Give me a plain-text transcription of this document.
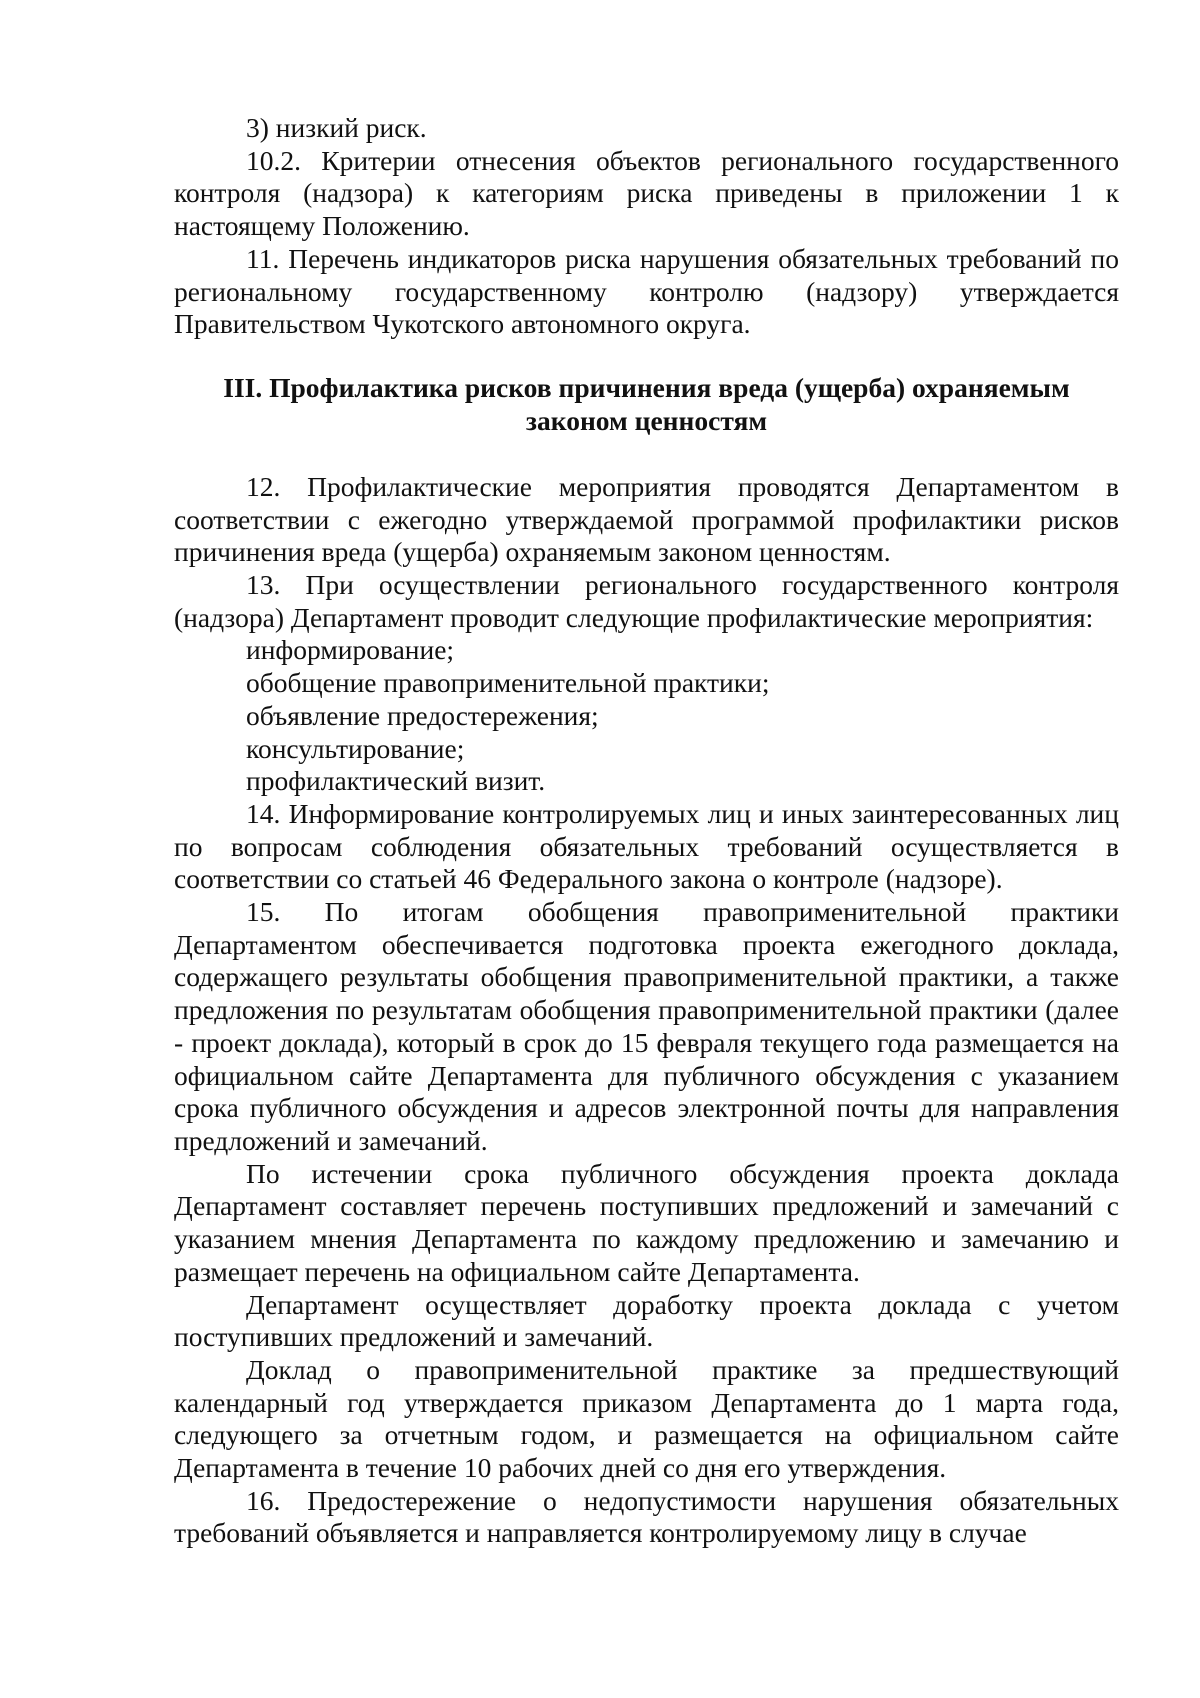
3) низкий риск.

10.2. Критерии отнесения объектов регионального государственного контроля (надзора) к категориям риска приведены в приложении 1 к настоящему Положению.

11. Перечень индикаторов риска нарушения обязательных требований по региональному государственному контролю (надзору) утверждается Правительством Чукотского автономного округа.

III. Профилактика рисков причинения вреда (ущерба) охраняемым
законом ценностям

12. Профилактические мероприятия проводятся Департаментом в соответствии с ежегодно утверждаемой программой профилактики рисков причинения вреда (ущерба) охраняемым законом ценностям.

13. При осуществлении регионального государственного контроля (надзора) Департамент проводит следующие профилактические мероприятия:

информирование;

обобщение правоприменительной практики;

объявление предостережения;

консультирование;

профилактический визит.

14. Информирование контролируемых лиц и иных заинтересованных лиц по вопросам соблюдения обязательных требований осуществляется в соответствии со статьей 46 Федерального закона о контроле (надзоре).

15. По итогам обобщения правоприменительной практики Департаментом обеспечивается подготовка проекта ежегодного доклада, содержащего результаты обобщения правоприменительной практики, а также предложения по результатам обобщения правоприменительной практики (далее - проект доклада), который в срок до 15 февраля текущего года размещается на официальном сайте Департамента для публичного обсуждения с указанием срока публичного обсуждения и адресов электронной почты для направления предложений и замечаний.

По истечении срока публичного обсуждения проекта доклада Департамент составляет перечень поступивших предложений и замечаний с указанием мнения Департамента по каждому предложению и замечанию и размещает перечень на официальном сайте Департамента.

Департамент осуществляет доработку проекта доклада с учетом поступивших предложений и замечаний.

Доклад о правоприменительной практике за предшествующий календарный год утверждается приказом Департамента до 1 марта года, следующего за отчетным годом, и размещается на официальном сайте Департамента в течение 10 рабочих дней со дня его утверждения.

16. Предостережение о недопустимости нарушения обязательных требований объявляется и направляется контролируемому лицу в случае
